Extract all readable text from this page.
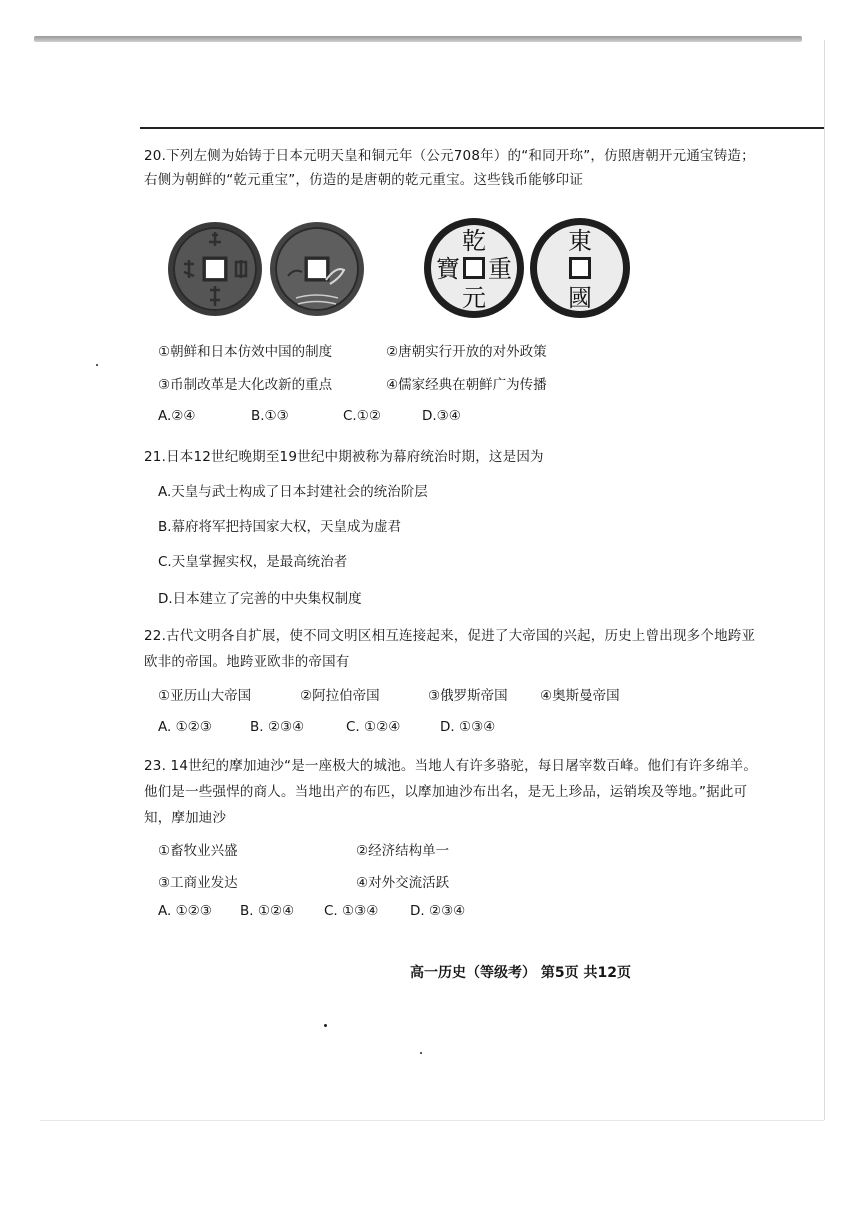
20.下列左侧为始铸于日本元明天皇和铜元年（公元708年）的“和同开珎”，仿照唐朝开元通宝铸造；
右侧为朝鲜的“乾元重宝”，仿造的是唐朝的乾元重宝。这些钱币能够印证
乾
元
重
寶
東
國
①朝鲜和日本仿效中国的制度	②唐朝实行开放的对外政策
③币制改革是大化改新的重点	④儒家经典在朝鲜广为传播
A.②④	B.①③	C.①②	D.③④
21.日本12世纪晚期至19世纪中期被称为幕府统治时期，这是因为
A.天皇与武士构成了日本封建社会的统治阶层
B.幕府将军把持国家大权，天皇成为虚君
C.天皇掌握实权，是最高统治者
D.日本建立了完善的中央集权制度
22.古代文明各自扩展，使不同文明区相互连接起来，促进了大帝国的兴起，历史上曾出现多个地跨亚
欧非的帝国。地跨亚欧非的帝国有
①亚历山大帝国	②阿拉伯帝国	③俄罗斯帝国 ④奥斯曼帝国
A. ①②③	B. ②③④	C. ①②④	D. ①③④
23. 14世纪的摩加迪沙“是一座极大的城池。当地人有许多骆驼，每日屠宰数百峰。他们有许多绵羊。
他们是一些强悍的商人。当地出产的布匹，以摩加迪沙布出名，是无上珍品，运销埃及等地。”据此可
知，摩加迪沙
①畜牧业兴盛	②经济结构单一
③工商业发达	④对外交流活跃
A. ①②③ B. ①②④ C. ①③④ D. ②③④
高一历史（等级考） 第5页 共12页
